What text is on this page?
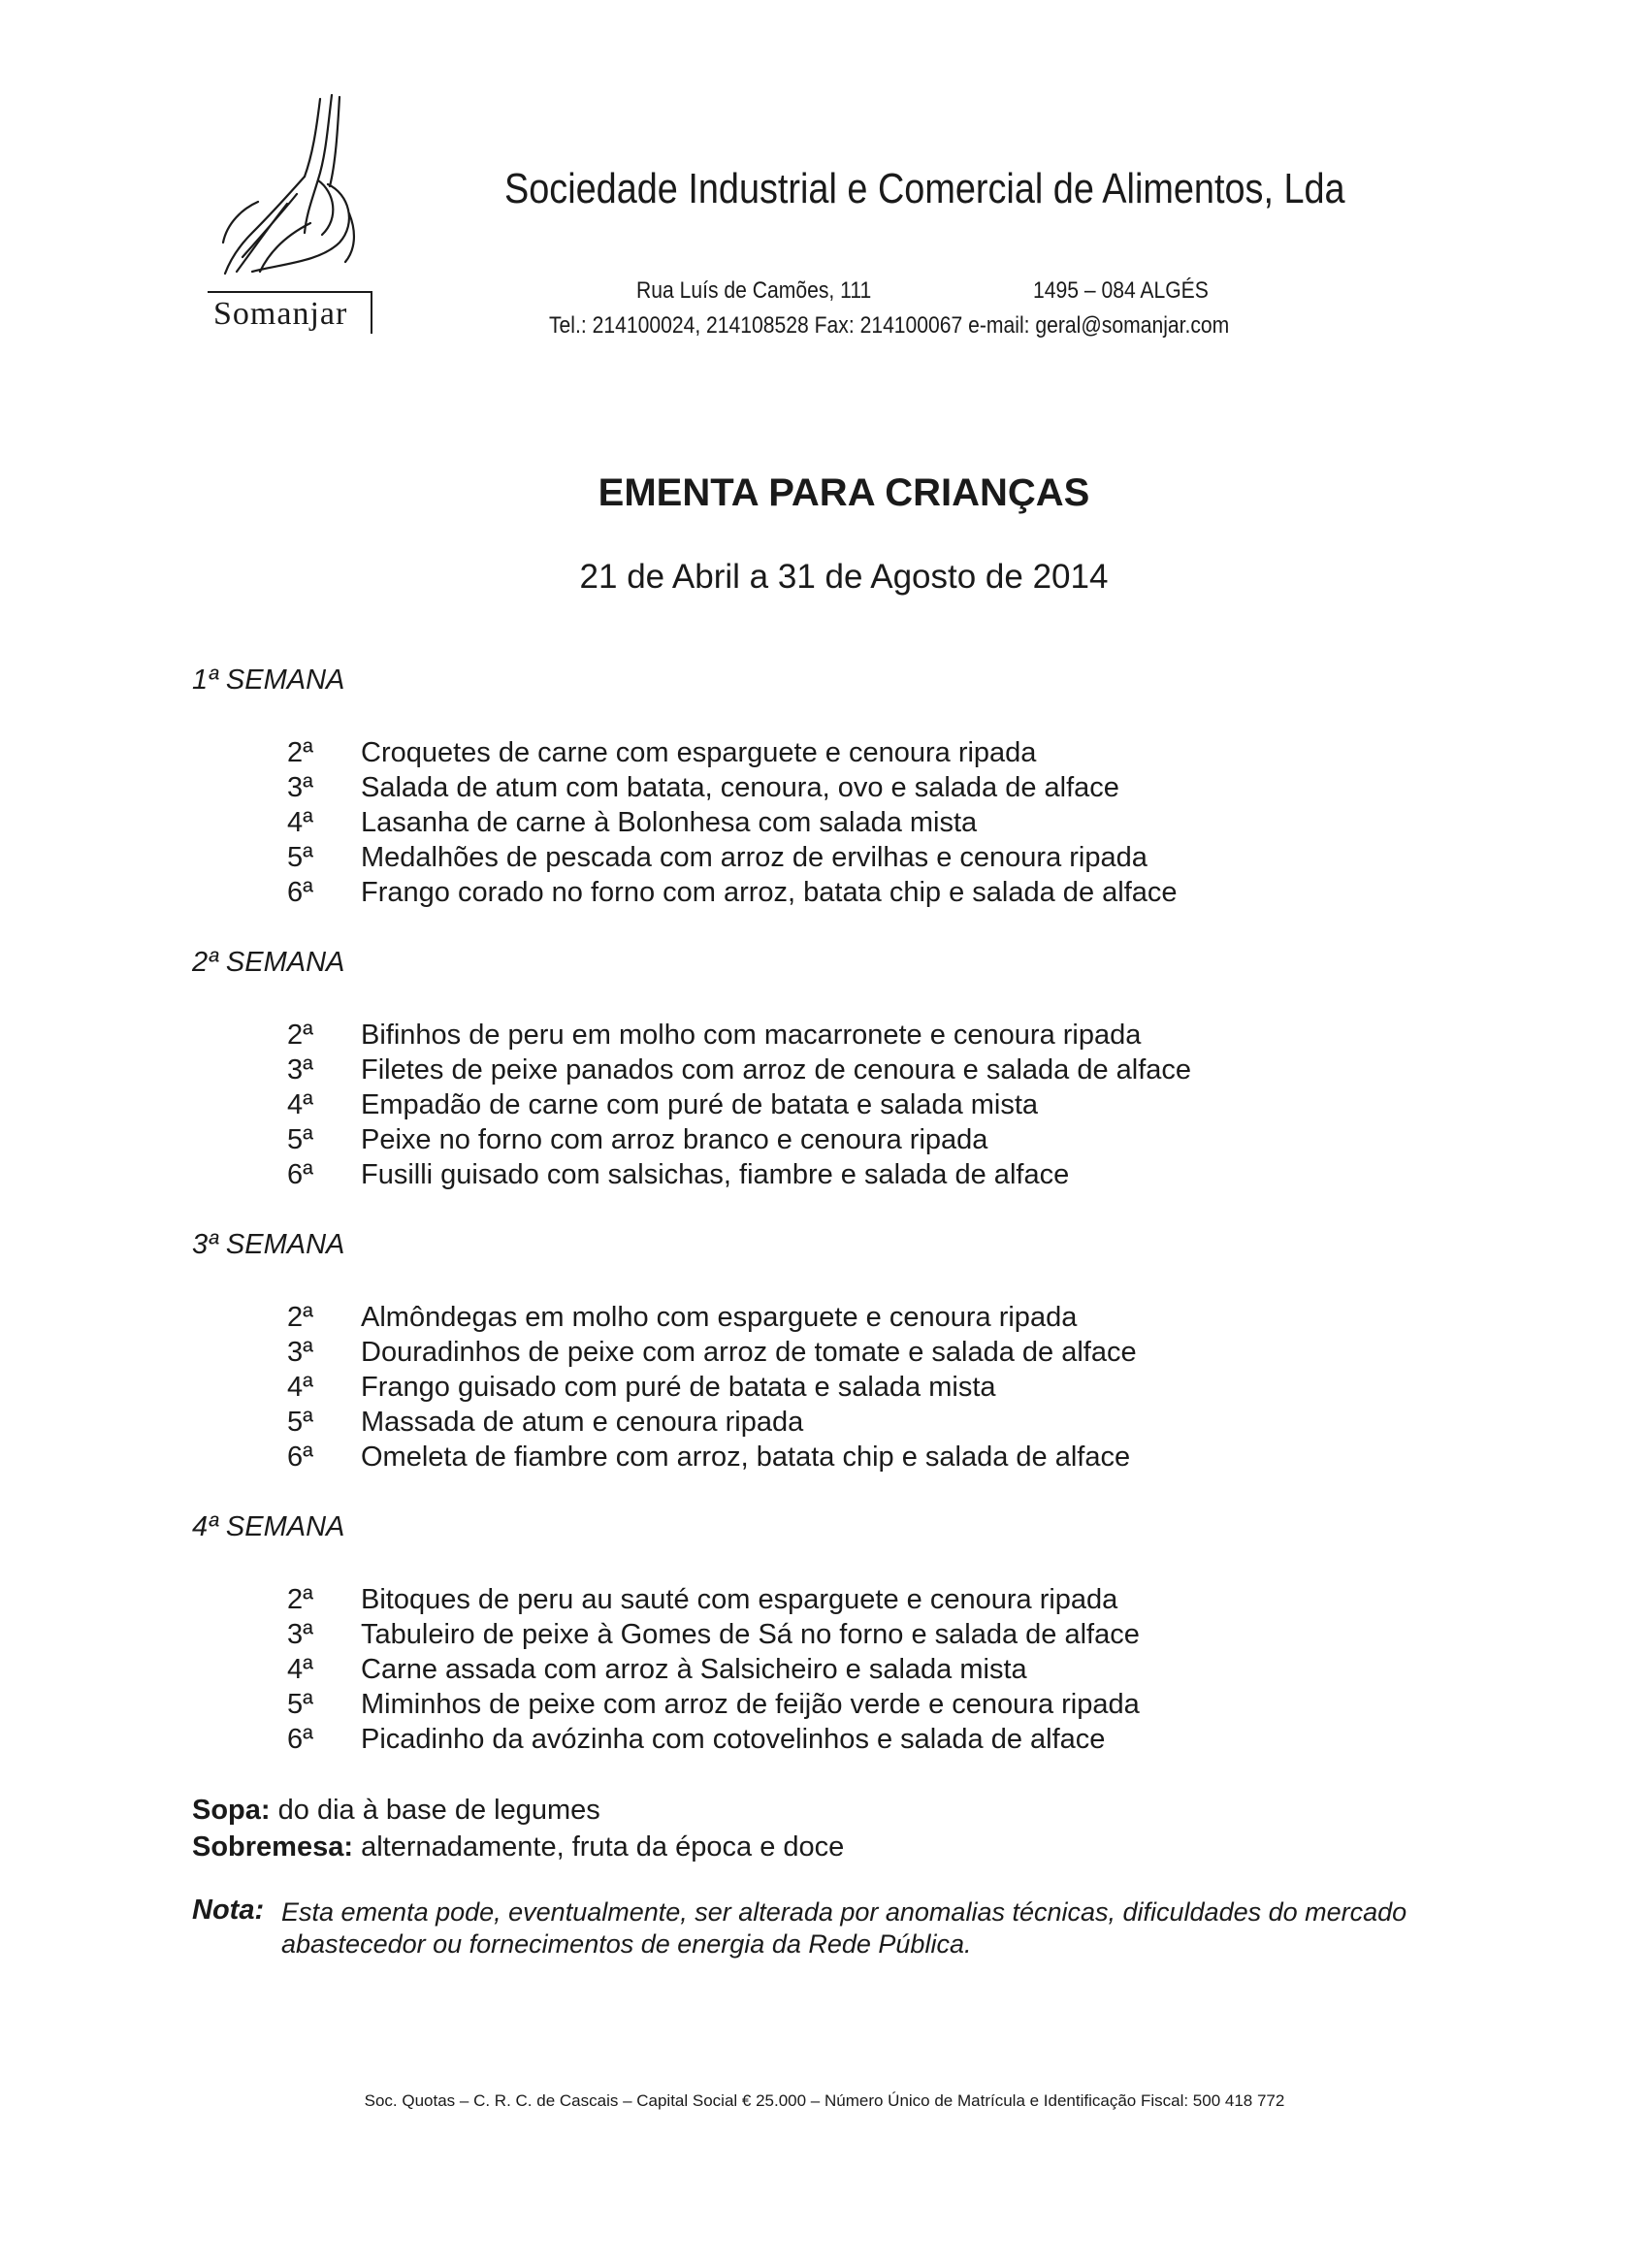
Somanjar
Sociedade Industrial e Comercial de Alimentos, Lda
Rua Luís de Camões, 111	1495 – 084 ALGÉS
Tel.: 214100024, 214108528 Fax: 214100067 e-mail: geral@somanjar.com
EMENTA PARA CRIANÇAS
21 de Abril a 31 de Agosto de 2014
1ª SEMANA
2ª	Croquetes de carne com esparguete e cenoura ripada
3ª	Salada de atum com batata, cenoura, ovo e salada de alface
4ª	Lasanha de carne à Bolonhesa com salada mista
5ª	Medalhões de pescada com arroz de ervilhas e cenoura ripada
6ª	Frango corado no forno com arroz, batata chip e salada de alface
2ª SEMANA
2ª	Bifinhos de peru em molho com macarronete e cenoura ripada
3ª	Filetes de peixe panados com arroz de cenoura e salada de alface
4ª	Empadão de carne com puré de batata e salada mista
5ª	Peixe no forno com arroz branco e cenoura ripada
6ª	Fusilli guisado com salsichas, fiambre e salada de alface
3ª SEMANA
2ª	Almôndegas em molho com esparguete e cenoura ripada
3ª	Douradinhos de peixe com arroz de tomate e salada de alface
4ª	Frango guisado com puré de batata e salada mista
5ª	Massada de atum e cenoura ripada
6ª	Omeleta de fiambre com arroz, batata chip e salada de alface
4ª SEMANA
2ª	Bitoques de peru au sauté com esparguete e cenoura ripada
3ª	Tabuleiro de peixe à Gomes de Sá no forno e salada de alface
4ª	Carne assada com arroz à Salsicheiro e salada mista
5ª	Miminhos de peixe com arroz de feijão verde e cenoura ripada
6ª	Picadinho da avózinha com cotovelinhos e salada de alface
Sopa: do dia à base de legumes
Sobremesa: alternadamente, fruta da época e doce
Nota: Esta ementa pode, eventualmente, ser alterada por anomalias técnicas, dificuldades do mercado abastecedor ou fornecimentos de energia da Rede Pública.
Soc. Quotas – C. R. C. de Cascais – Capital Social € 25.000 – Número Único de Matrícula e Identificação Fiscal: 500 418 772
